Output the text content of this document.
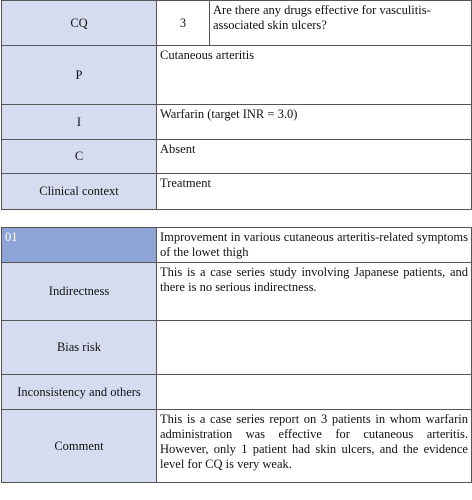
CQ	3	Are there any drugs effective for vasculitis-associated skin ulcers?
P	Cutaneous arteritis	
I	Warfarin (target INR = 3.0)	
C	Absent	
Clinical context	Treatment	
01	Improvement in various cutaneous arteritis-related symptoms of the lowet thigh
Indirectness	This is a case series study involving Japanese patients, and there is no serious indirectness.
Bias risk	
Inconsistency and others	
Comment	This is a case series report on 3 patients in whom warfarin administration was effective for cutaneous arteritis. However, only 1 patient had skin ulcers, and the evidence level for CQ is very weak.
